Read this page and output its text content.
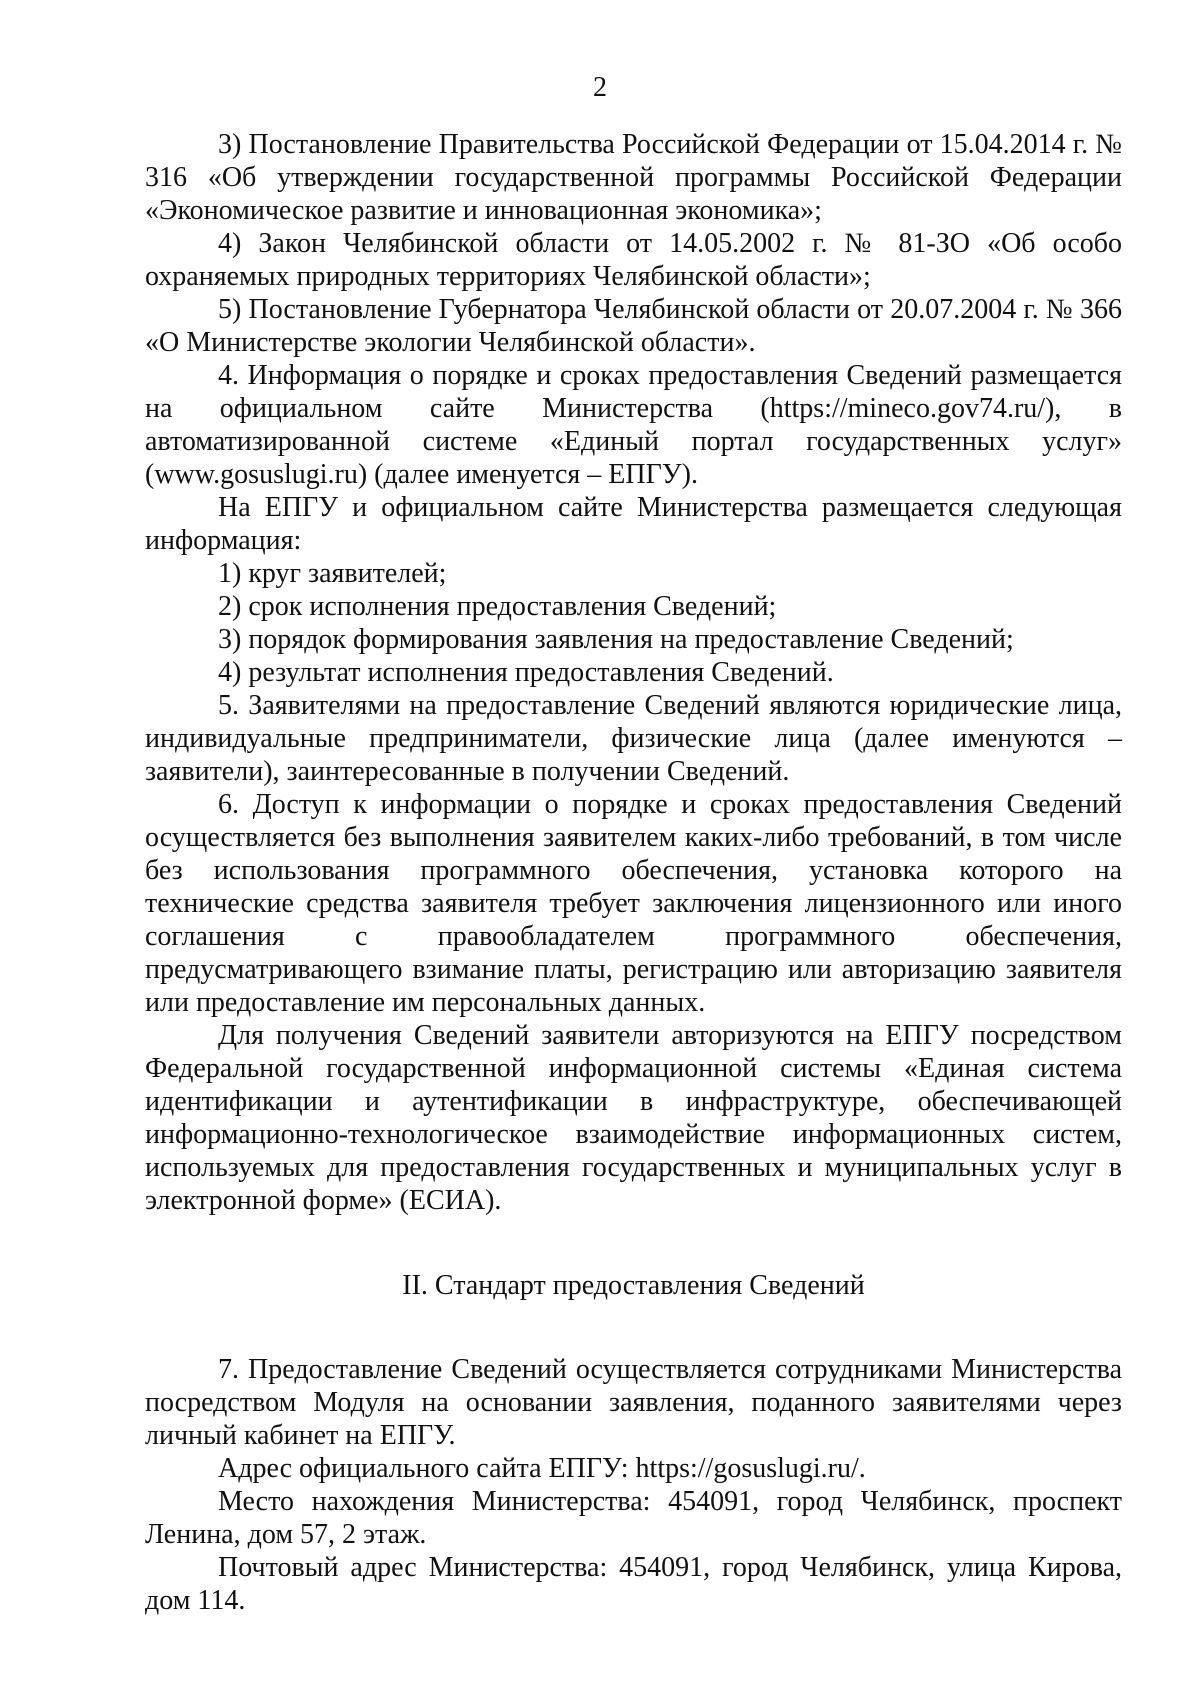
2

3) Постановление Правительства Российской Федерации от 15.04.2014 г. № 316 «Об утверждении государственной программы Российской Федерации «Экономическое развитие и инновационная экономика»;

4) Закон Челябинской области от 14.05.2002 г. № 81-ЗО «Об особо охраняемых природных территориях Челябинской области»;

5) Постановление Губернатора Челябинской области от 20.07.2004 г. № 366 «О Министерстве экологии Челябинской области».

4. Информация о порядке и сроках предоставления Сведений размещается на официальном сайте Министерства (https://mineco.gov74.ru/), в автоматизированной системе «Единый портал государственных услуг» (www.gosuslugi.ru) (далее именуется – ЕПГУ).

На ЕПГУ и официальном сайте Министерства размещается следующая информация:

1) круг заявителей;

2) срок исполнения предоставления Сведений;

3) порядок формирования заявления на предоставление Сведений;

4) результат исполнения предоставления Сведений.

5. Заявителями на предоставление Сведений являются юридические лица, индивидуальные предприниматели, физические лица (далее именуются – заявители), заинтересованные в получении Сведений.

6. Доступ к информации о порядке и сроках предоставления Сведений осуществляется без выполнения заявителем каких-либо требований, в том числе без использования программного обеспечения, установка которого на технические средства заявителя требует заключения лицензионного или иного соглашения с правообладателем программного обеспечения, предусматривающего взимание платы, регистрацию или авторизацию заявителя или предоставление им персональных данных.

Для получения Сведений заявители авторизуются на ЕПГУ посредством Федеральной государственной информационной системы «Единая система идентификации и аутентификации в инфраструктуре, обеспечивающей информационно-технологическое взаимодействие информационных систем, используемых для предоставления государственных и муниципальных услуг в электронной форме» (ЕСИА).

II. Стандарт предоставления Сведений

7. Предоставление Сведений осуществляется сотрудниками Министерства посредством Модуля на основании заявления, поданного заявителями через личный кабинет на ЕПГУ.

Адрес официального сайта ЕПГУ: https://gosuslugi.ru/.

Место нахождения Министерства: 454091, город Челябинск, проспект Ленина, дом 57, 2 этаж.

Почтовый адрес Министерства: 454091, город Челябинск, улица Кирова, дом 114.
